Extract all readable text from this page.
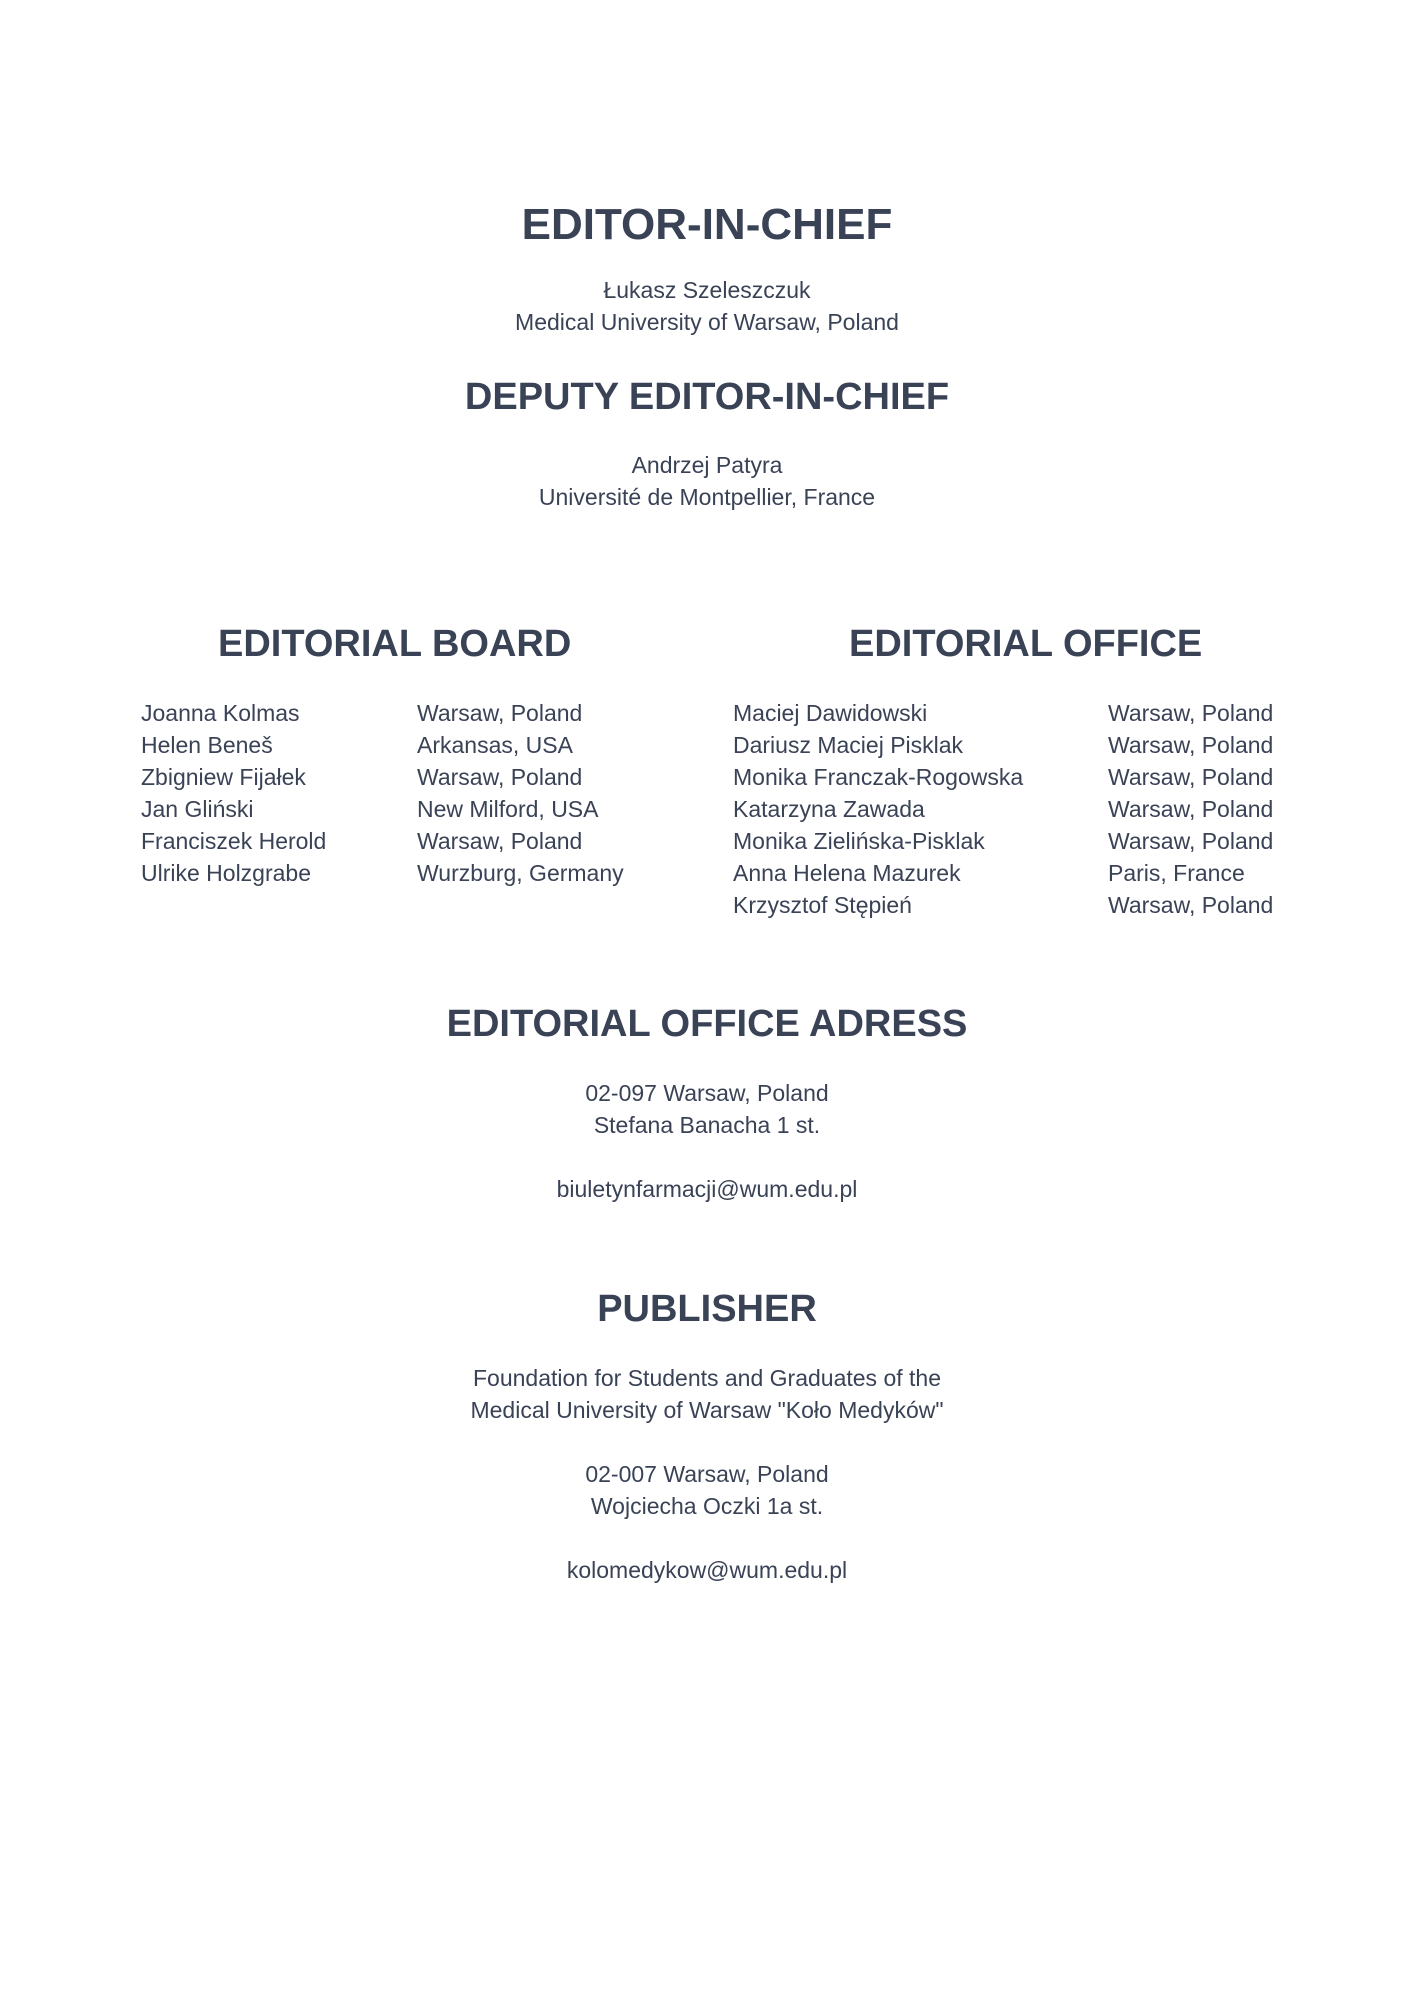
EDITOR-IN-CHIEF
Łukasz Szeleszczuk
Medical University of Warsaw, Poland
DEPUTY EDITOR-IN-CHIEF
Andrzej Patyra
Université de Montpellier, France
EDITORIAL BOARD
Joanna Kolmas
Helen Beneš
Zbigniew Fijałek
Jan Gliński
Franciszek Herold
Ulrike Holzgrabe
Warsaw, Poland
Arkansas, USA
Warsaw, Poland
New Milford, USA
Warsaw, Poland
Wurzburg, Germany
EDITORIAL OFFICE
Maciej Dawidowski
Dariusz Maciej Pisklak
Monika Franczak-Rogowska
Katarzyna Zawada
Monika Zielińska-Pisklak
Anna Helena Mazurek
Krzysztof Stępień
Warsaw, Poland
Warsaw, Poland
Warsaw, Poland
Warsaw, Poland
Warsaw, Poland
Paris, France
Warsaw, Poland
EDITORIAL OFFICE ADRESS
02-097 Warsaw, Poland
Stefana Banacha 1 st.
biuletynfarmacji@wum.edu.pl
PUBLISHER
Foundation for Students and Graduates of the
Medical University of Warsaw "Koło Medyków"
02-007 Warsaw, Poland
Wojciecha Oczki 1a st.
kolomedykow@wum.edu.pl
